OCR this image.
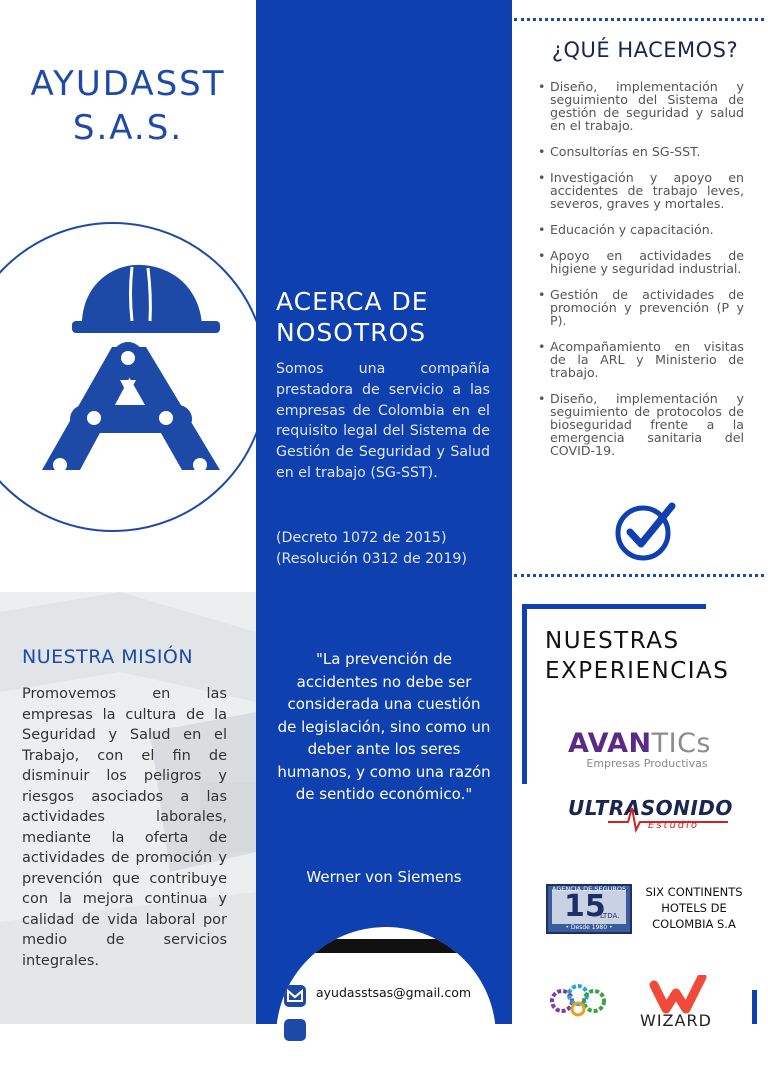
AYUDASST
S.A.S.
NUESTRA MISIÓN
Promovemos en las empresas la cultura de la Seguridad y Salud en el Trabajo, con el fin de disminuir los peligros y riesgos asociados a las actividades laborales, mediante la oferta de actividades de promoción y prevención que contribuye con la mejora continua y calidad de vida laboral por medio de servicios integrales.
ACERCA DE
NOSOTROS
Somos una compañía prestadora de servicio a las empresas de Colombia en el requisito legal del Sistema de Gestión de Seguridad y Salud en el trabajo (SG-SST).
(Decreto 1072 de 2015)
(Resolución 0312 de 2019)
"La prevención de accidentes no debe ser considerada una cuestión de legislación, sino como un deber ante los seres humanos, y como una razón de sentido económico."
Werner von Siemens
ayudasstsas@gmail.com
¿QUÉ HACEMOS?
• Diseño, implementación y seguimiento del Sistema de gestión de seguridad y salud en el trabajo.
• Consultorías en SG-SST.
• Investigación y apoyo en accidentes de trabajo leves, severos, graves y mortales.
• Educación y capacitación.
• Apoyo en actividades de higiene y seguridad industrial.
• Gestión de actividades de promoción y prevención (P y P).
• Acompañamiento en visitas de la ARL y Ministerio de trabajo.
• Diseño, implementación y seguimiento de protocolos de bioseguridad frente a la emergencia sanitaria del COVID-19.
NUESTRAS
EXPERIENCIAS
AVANTICs
Empresas Productivas
ULTRASONIDO
Estudio
AGENCIA DE SEGUROS
15
LTDA.
• Desde 1980 •
SIX CONTINENTS HOTELS DE COLOMBIA S.A
WIZARD
